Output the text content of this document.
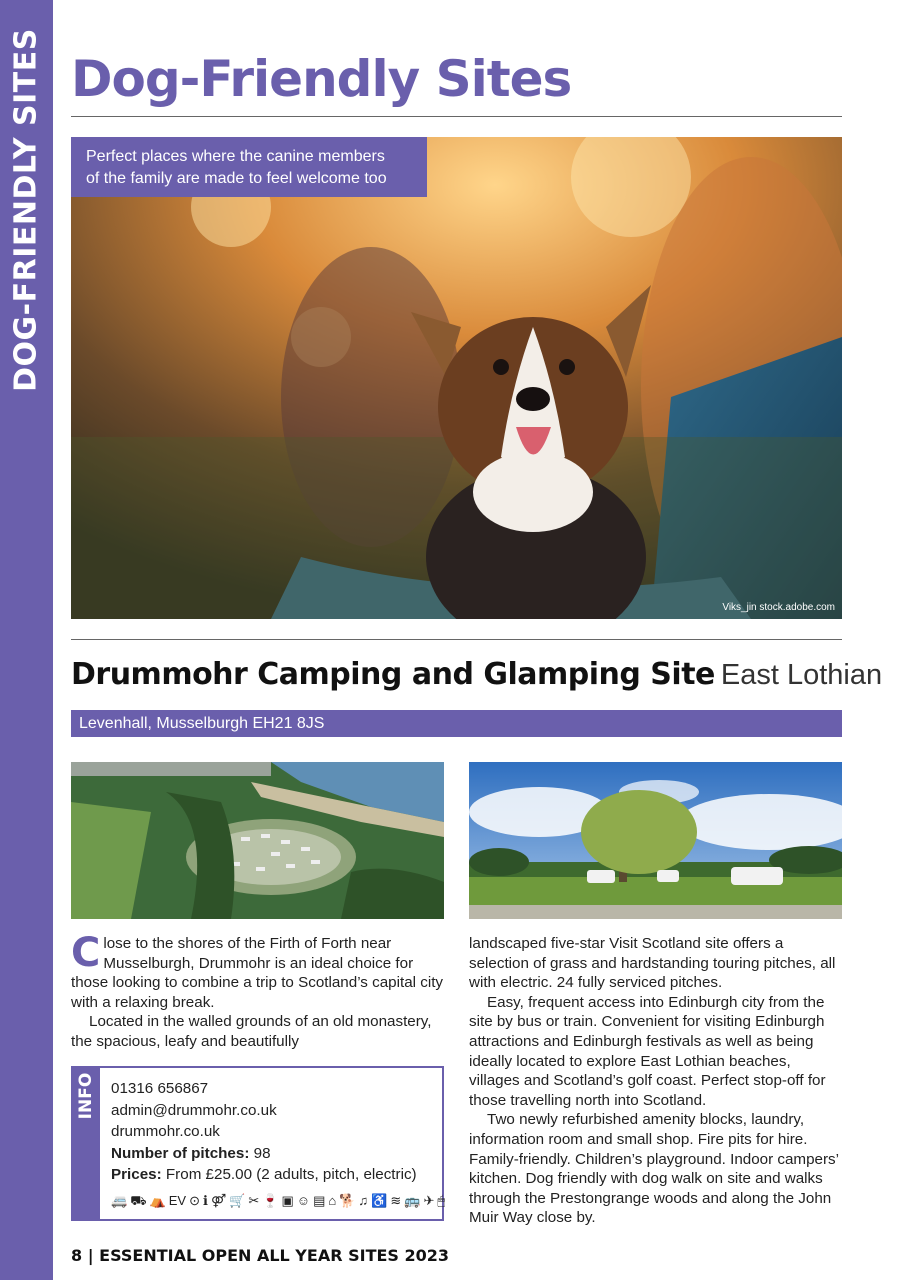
DOG-FRIENDLY SITES Dog-Friendly Sites
Perfect places where the canine members
of the family are made to feel welcome too
Viks_jin stock.adobe.com
Drummohr Camping and Glamping Site East Lothian
Levenhall, Musselburgh EH21 8JS

Close to the shores of the Firth of Forth near Musselburgh, Drummohr is an ideal choice for those looking to combine a trip to Scotland’s capital city with a relaxing break.

Located in the walled grounds of an old monastery, the spacious, leafy and beautifully

INFO 01316 656867
admin@drummohr.co.uk
drummohr.co.uk
Number of pitches: 98
Prices: From £25.00 (2 adults, pitch, electric)
🚐 ⛟ ⛺ EV ⊙ ℹ ⚤ 🛒 ✂ 🍷 ▣ ☺ ▤ ⌂ 🐕 ♫ ♿ ≋ 🚌 ✈ 🖱

landscaped five-star Visit Scotland site offers a selection of grass and hardstanding touring pitches, all with electric. 24 fully serviced pitches.

Easy, frequent access into Edinburgh city from the site by bus or train. Convenient for visiting Edinburgh attractions and Edinburgh festivals as well as being ideally located to explore East Lothian beaches, villages and Scotland’s golf coast. Perfect stop-off for those travelling north into Scotland.

Two newly refurbished amenity blocks, laundry, information room and small shop. Fire pits for hire. Family-friendly. Children’s playground. Indoor campers’ kitchen. Dog friendly with dog walk on site and walks through the Prestongrange woods and along the John Muir Way close by.

8 | ESSENTIAL OPEN ALL YEAR SITES 2023
